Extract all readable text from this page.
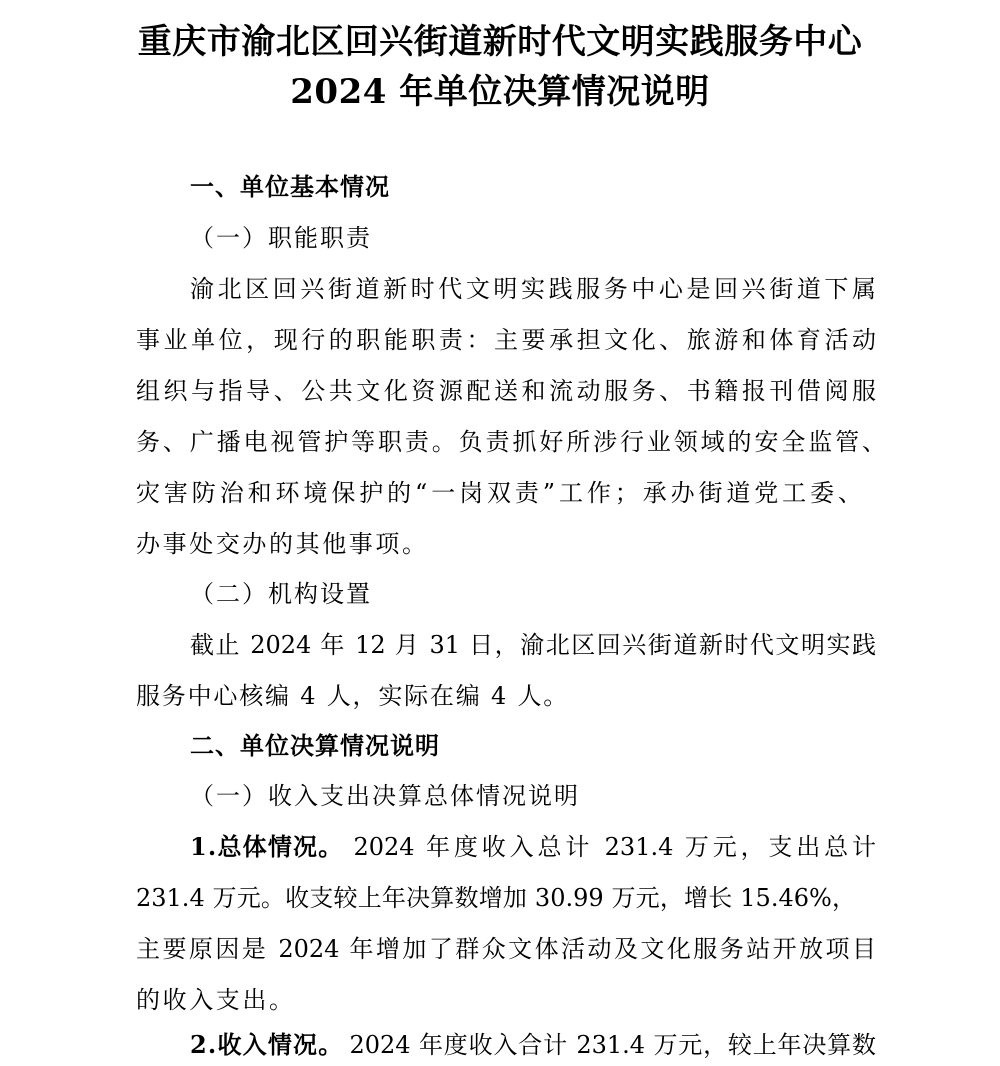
重庆市渝北区回兴街道新时代文明实践服务中心
2024 年单位决算情况说明
一、单位基本情况
（一）职能职责
渝北区回兴街道新时代文明实践服务中心是回兴街道下属
事业单位，现行的职能职责：主要承担文化、旅游和体育活动
组织与指导、公共文化资源配送和流动服务、书籍报刊借阅服
务、广播电视管护等职责。负责抓好所涉行业领域的安全监管、
灾害防治和环境保护的“一岗双责”工作；承办街道党工委、
办事处交办的其他事项。
（二）机构设置
截止 2024 年 12 月 31 日，渝北区回兴街道新时代文明实践
服务中心核编 4 人，实际在编 4 人。
二、单位决算情况说明
（一）收入支出决算总体情况说明
1.总体情况。 2024 年度收入总计 231.4 万元，支出总计
231.4 万元。收支较上年决算数增加 30.99 万元，增长 15.46%，
主要原因是 2024 年增加了群众文体活动及文化服务站开放项目
的收入支出。
2.收入情况。 2024 年度收入合计 231.4 万元，较上年决算数
